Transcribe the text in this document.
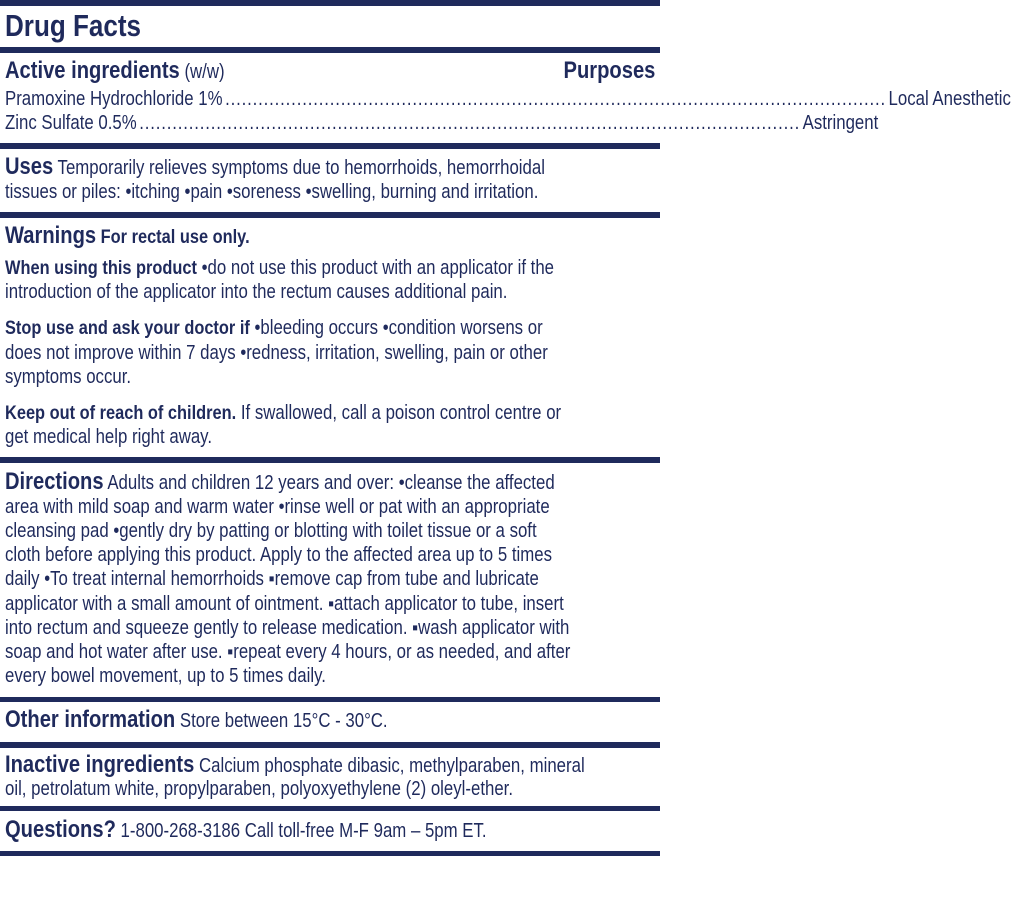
Drug Facts
Active ingredients (w/w)	Purposes
Pramoxine Hydrochloride 1% ........................................................................................................................ Local Anesthetic
Zinc Sulfate 0.5% ........................................................................................................................ Astringent
Uses Temporarily relieves symptoms due to hemorrhoids, hemorrhoidal
tissues or piles: •itching •pain •soreness •swelling, burning and irritation.
Warnings For rectal use only.
When using this product •do not use this product with an applicator if the
introduction of the applicator into the rectum causes additional pain.
Stop use and ask your doctor if •bleeding occurs •condition worsens or
does not improve within 7 days •redness, irritation, swelling, pain or other
symptoms occur.
Keep out of reach of children. If swallowed, call a poison control centre or
get medical help right away.
Directions Adults and children 12 years and over: •cleanse the affected
area with mild soap and warm water •rinse well or pat with an appropriate
cleansing pad •gently dry by patting or blotting with toilet tissue or a soft
cloth before applying this product. Apply to the affected area up to 5 times
daily •To treat internal hemorrhoids ▪remove cap from tube and lubricate
applicator with a small amount of ointment. ▪attach applicator to tube, insert
into rectum and squeeze gently to release medication. ▪wash applicator with
soap and hot water after use. ▪repeat every 4 hours, or as needed, and after
every bowel movement, up to 5 times daily.
Other information Store between 15°C - 30°C.
Inactive ingredients Calcium phosphate dibasic, methylparaben, mineral
oil, petrolatum white, propylparaben, polyoxyethylene (2) oleyl-ether.
Questions? 1-800-268-3186 Call toll-free M-F 9am – 5pm ET.
